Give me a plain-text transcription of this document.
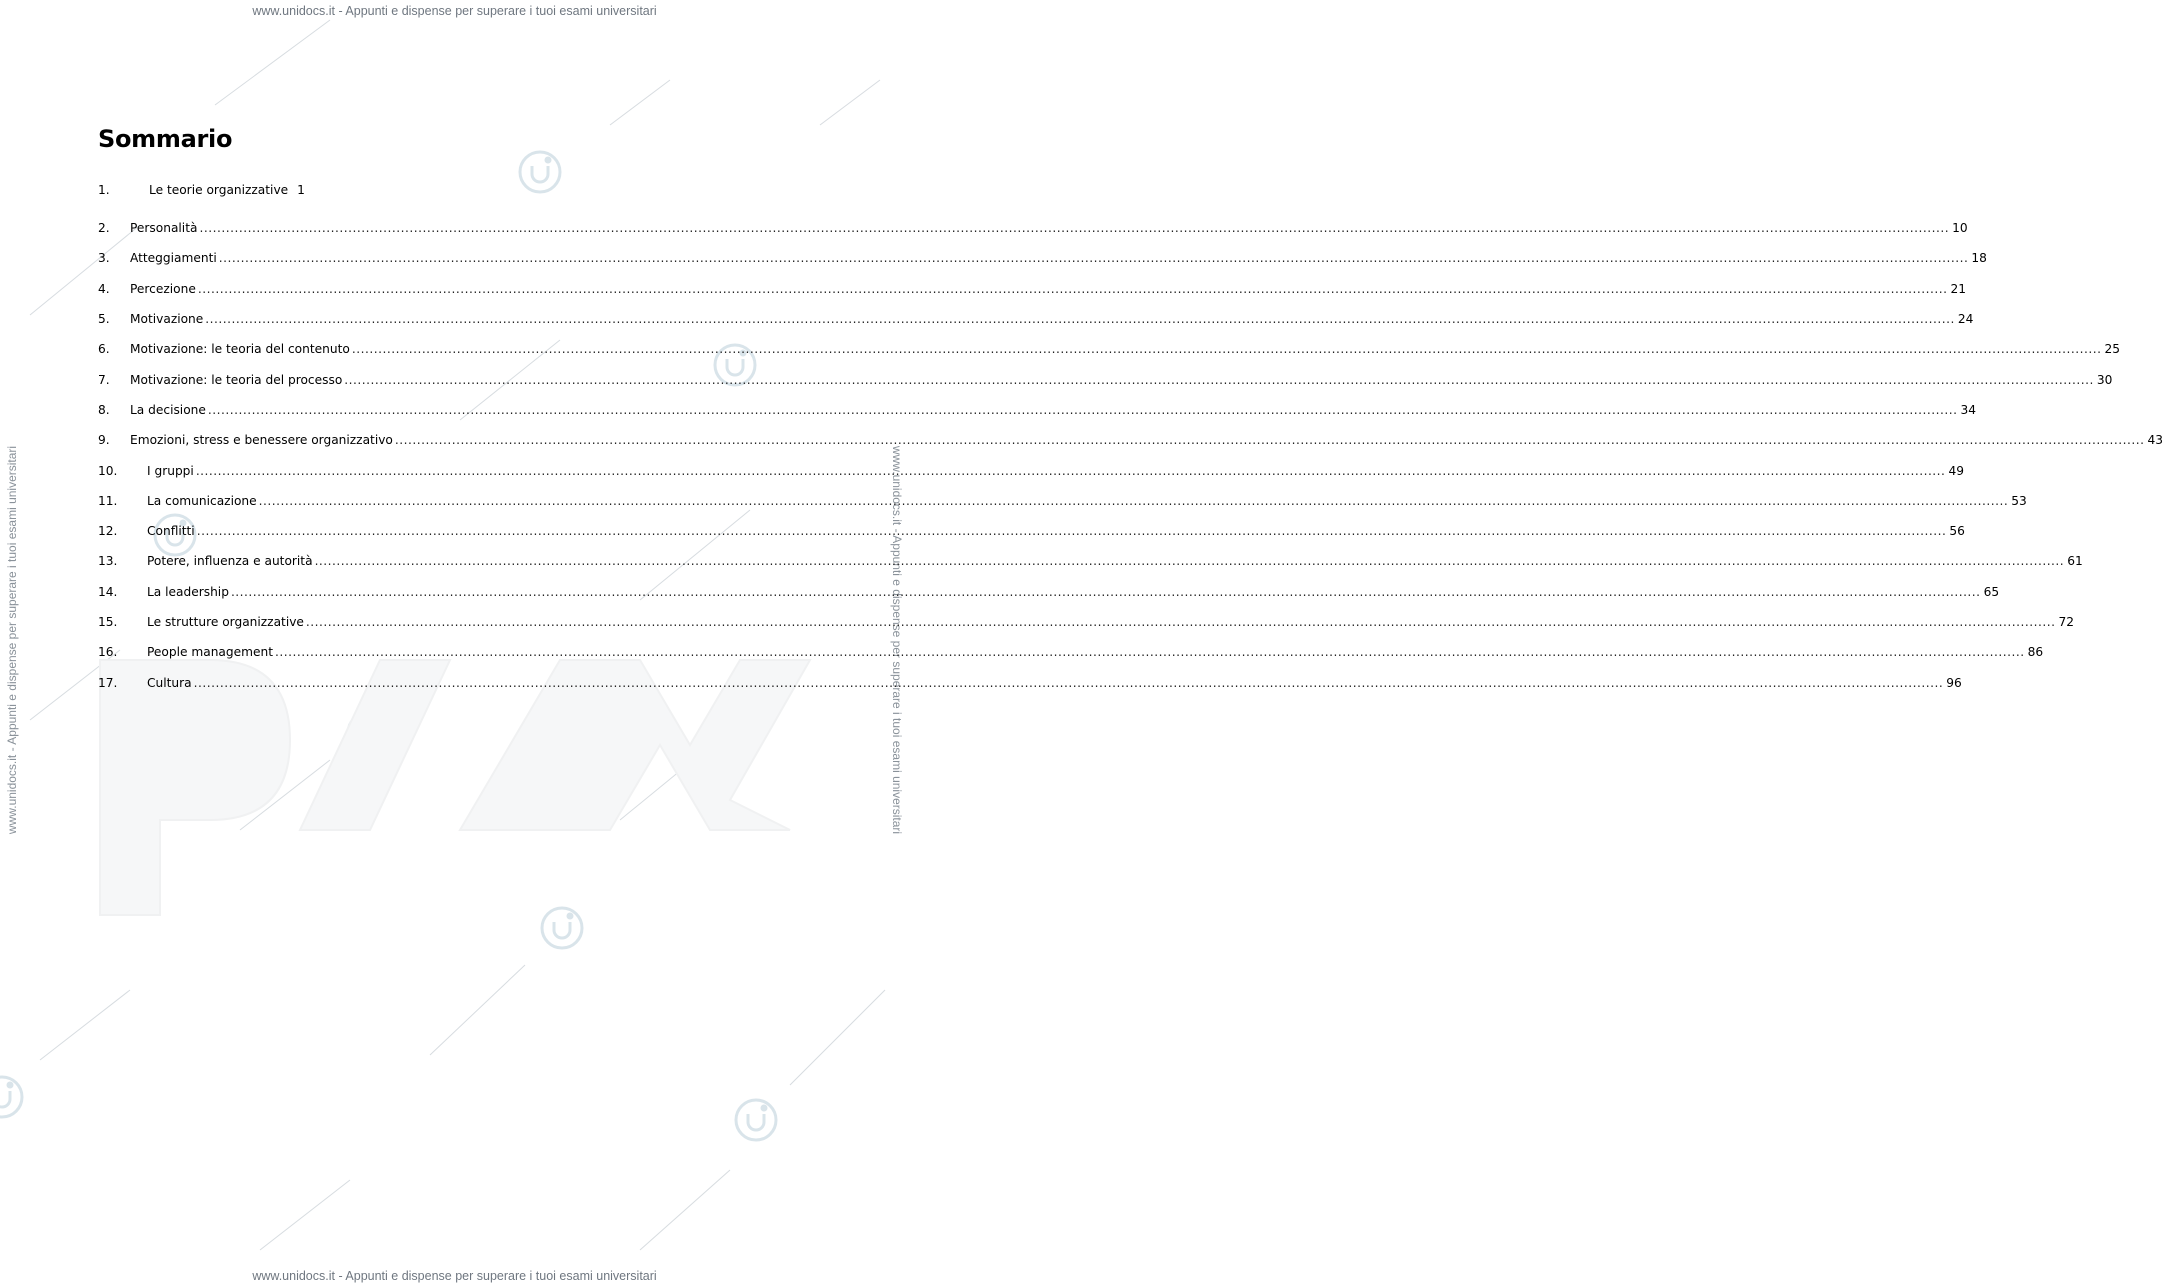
www.unidocs.it - Appunti e dispense per superare i tuoi esami universitari
www.unidocs.it - Appunti e dispense per superare i tuoi esami universitari
www.unidocs.it - Appunti e dispense per superare i tuoi esami universitari	www.unidocs.it - Appunti e dispense per superare i tuoi esami universitari
Sommario
1.	Le teorie organizzative 1
2.	Personalità ................................................................................................................................................................................................................................................................................................................................................................................................................ 10
3.	Atteggiamenti ................................................................................................................................................................................................................................................................................................................................................................................................................ 18
4.	Percezione ................................................................................................................................................................................................................................................................................................................................................................................................................ 21
5.	Motivazione ................................................................................................................................................................................................................................................................................................................................................................................................................ 24
6.	Motivazione: le teoria del contenuto ................................................................................................................................................................................................................................................................................................................................................................................................................ 25
7.	Motivazione: le teoria del processo ................................................................................................................................................................................................................................................................................................................................................................................................................ 30
8.	La decisione ................................................................................................................................................................................................................................................................................................................................................................................................................ 34
9.	Emozioni, stress e benessere organizzativo ................................................................................................................................................................................................................................................................................................................................................................................................................ 43
10.	I gruppi ................................................................................................................................................................................................................................................................................................................................................................................................................ 49
11.	La comunicazione ................................................................................................................................................................................................................................................................................................................................................................................................................ 53
12.	Conflitti ................................................................................................................................................................................................................................................................................................................................................................................................................ 56
13.	Potere, influenza e autorità ................................................................................................................................................................................................................................................................................................................................................................................................................ 61
14.	La leadership ................................................................................................................................................................................................................................................................................................................................................................................................................ 65
15.	Le strutture organizzative ................................................................................................................................................................................................................................................................................................................................................................................................................ 72
16.	People management ................................................................................................................................................................................................................................................................................................................................................................................................................ 86
17.	Cultura ................................................................................................................................................................................................................................................................................................................................................................................................................ 96
